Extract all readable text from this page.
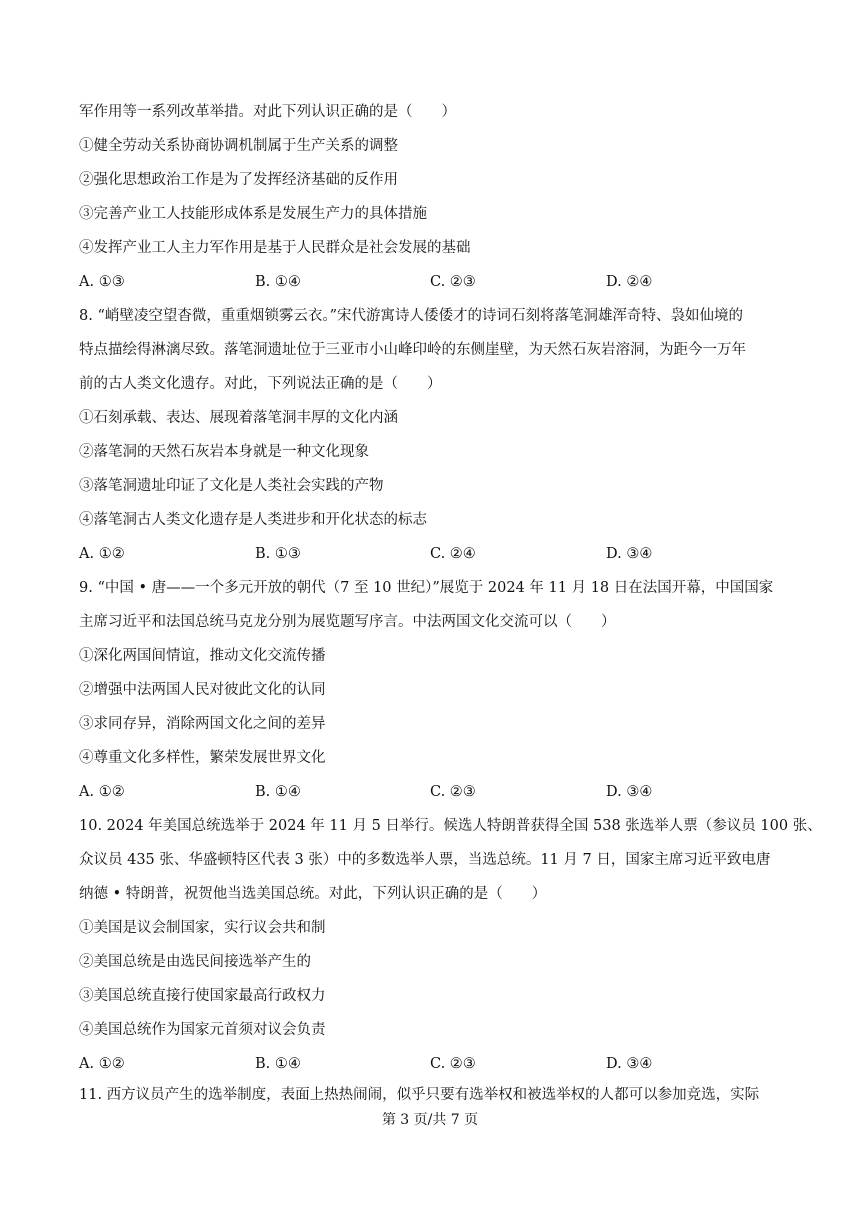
军作用等一系列改革举措。对此下列认识正确的是（　　）
①健全劳动关系协商协调机制属于生产关系的调整
②强化思想政治工作是为了发挥经济基础的反作用
③完善产业工人技能形成体系是发展生产力的具体措施
④发挥产业工人主力军作用是基于人民群众是社会发展的基础
A. ①③	B. ①④	C. ②③	D. ②④
8. “峭壁凌空望杳微，重重烟锁雾云衣。”宋代游寓诗人倭倭才的诗词石刻将落笔洞雄浑奇特、袅如仙境的
特点描绘得淋漓尽致。落笔洞遗址位于三亚市小山峰印岭的东侧崖壁，为天然石灰岩溶洞，为距今一万年
前的古人类文化遗存。对此，下列说法正确的是（　　）
①石刻承载、表达、展现着落笔洞丰厚的文化内涵
②落笔洞的天然石灰岩本身就是一种文化现象
③落笔洞遗址印证了文化是人类社会实践的产物
④落笔洞古人类文化遗存是人类进步和开化状态的标志
A. ①②	B. ①③	C. ②④	D. ③④
9. “中国 • 唐——一个多元开放的朝代（7 至 10 世纪）”展览于 2024 年 11 月 18 日在法国开幕，中国国家
主席习近平和法国总统马克龙分别为展览题写序言。中法两国文化交流可以（　　）
①深化两国间情谊，推动文化交流传播
②增强中法两国人民对彼此文化的认同
③求同存异，消除两国文化之间的差异
④尊重文化多样性，繁荣发展世界文化
A. ①②	B. ①④	C. ②③	D. ③④
10. 2024 年美国总统选举于 2024 年 11 月 5 日举行。候选人特朗普获得全国 538 张选举人票（参议员 100 张、
众议员 435 张、华盛顿特区代表 3 张）中的多数选举人票，当选总统。11 月 7 日，国家主席习近平致电唐
纳德 • 特朗普，祝贺他当选美国总统。对此，下列认识正确的是（　　）
①美国是议会制国家，实行议会共和制
②美国总统是由选民间接选举产生的
③美国总统直接行使国家最高行政权力
④美国总统作为国家元首须对议会负责
A. ①②	B. ①④	C. ②③	D. ③④
11. 西方议员产生的选举制度，表面上热热闹闹，似乎只要有选举权和被选举权的人都可以参加竞选，实际
第 3 页/共 7 页
